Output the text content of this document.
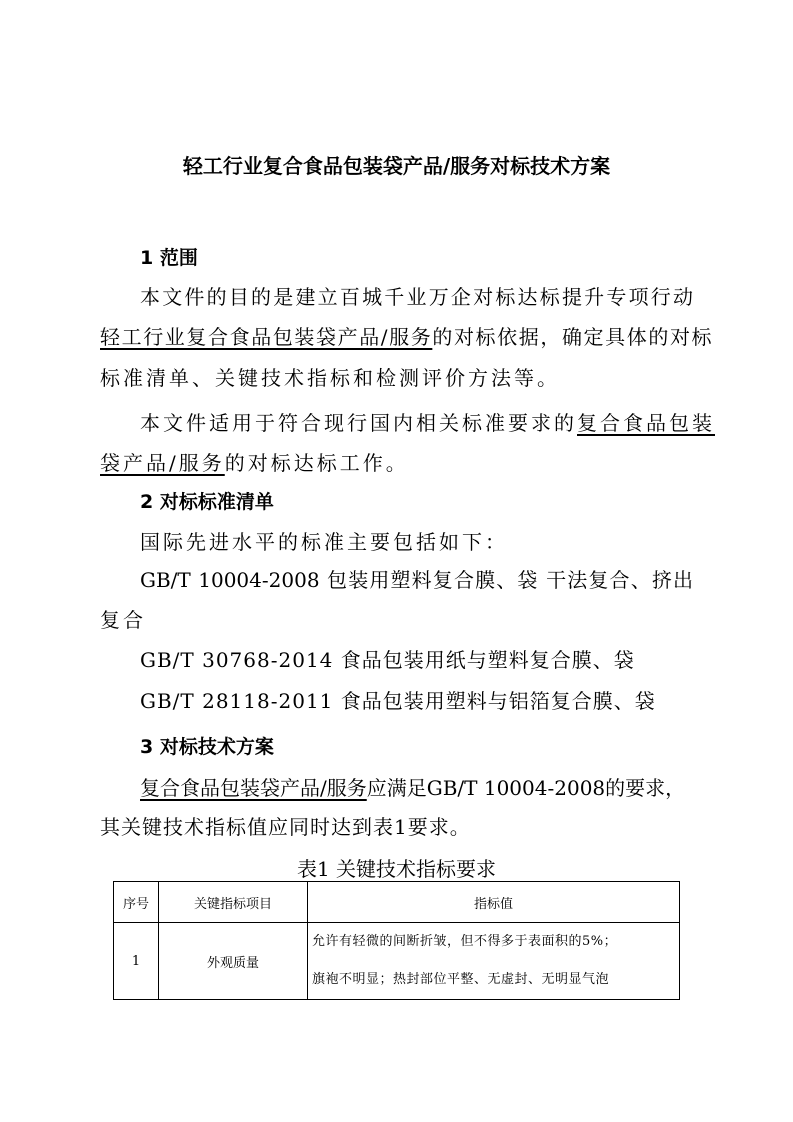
轻工行业复合食品包装袋产品/服务对标技术方案
1 范围
本文件的目的是建立百城千业万企对标达标提升专项行动
轻工行业复合食品包装袋产品/服务的对标依据，确定具体的对标
标准清单、关键技术指标和检测评价方法等。
本文件适用于符合现行国内相关标准要求的复合食品包装
袋产品/服务的对标达标工作。
2 对标标准清单
国际先进水平的标准主要包括如下：
GB/T 10004-2008 包装用塑料复合膜、袋 干法复合、挤出
复合
GB/T 30768-2014 食品包装用纸与塑料复合膜、袋
GB/T 28118-2011 食品包装用塑料与铝箔复合膜、袋
3 对标技术方案
复合食品包装袋产品/服务应满足GB/T 10004-2008的要求，
其关键技术指标值应同时达到表1要求。
表1 关键技术指标要求
序号	关键指标项目	指标值
1	外观质量	允许有轻微的间断折皱，但不得多于表面积的5%；
旗袍不明显；热封部位平整、无虚封、无明显气泡
